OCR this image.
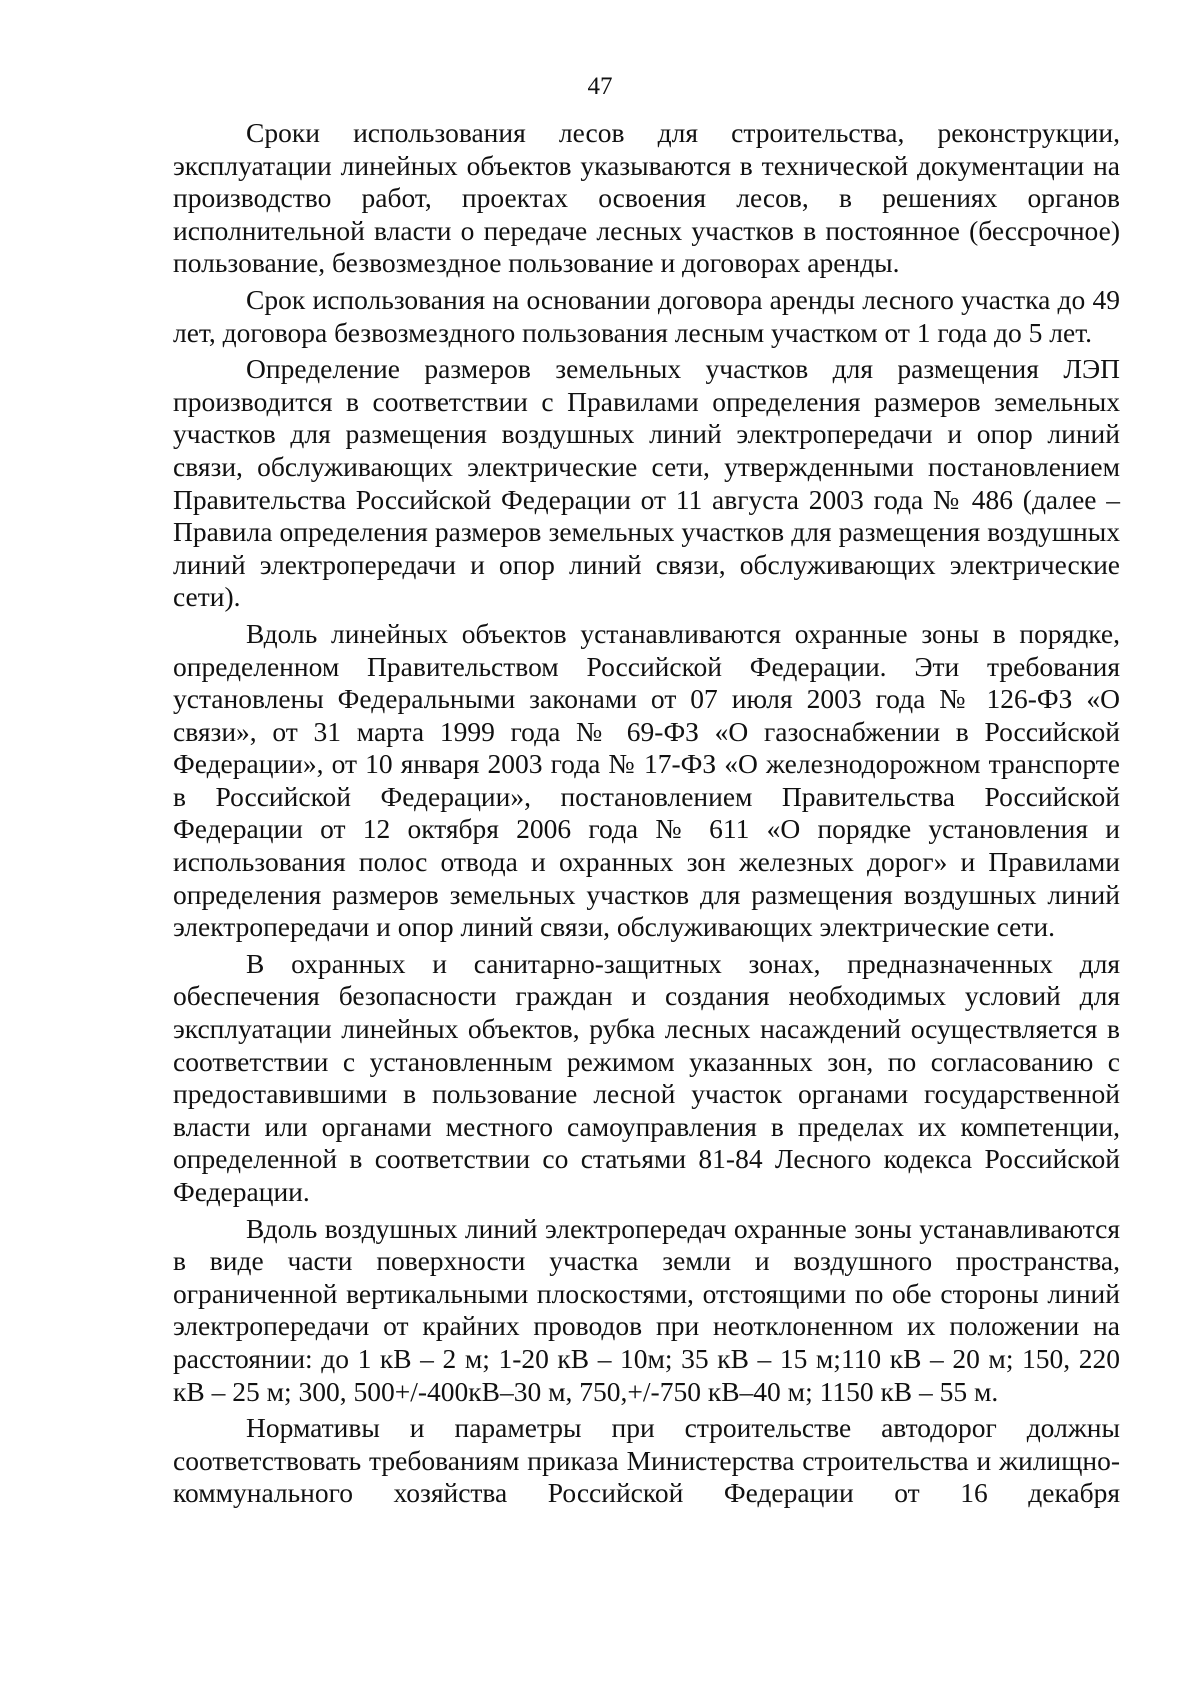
47

Сроки использования лесов для строительства, реконструкции, эксплуатации линейных объектов указываются в технической документации на производство работ, проектах освоения лесов, в решениях органов исполнительной власти о передаче лесных участков в постоянное (бессрочное) пользование, безвозмездное пользование и договорах аренды.

Срок использования на основании договора аренды лесного участка до 49 лет, договора безвозмездного пользования лесным участком от 1 года до 5 лет.

Определение размеров земельных участков для размещения ЛЭП производится в соответствии с Правилами определения размеров земельных участков для размещения воздушных линий электропередачи и опор линий связи, обслуживающих электрические сети, утвержденными постановлением Правительства Российской Федерации от 11 августа 2003 года № 486 (далее – Правила определения размеров земельных участков для размещения воздушных линий электропередачи и опор линий связи, обслуживающих электрические сети).

Вдоль линейных объектов устанавливаются охранные зоны в порядке, определенном Правительством Российской Федерации. Эти требования установлены Федеральными законами от 07 июля 2003 года № 126-ФЗ «О связи», от 31 марта 1999 года № 69-ФЗ «О газоснабжении в Российской Федерации», от 10 января 2003 года № 17-ФЗ «О железнодорожном транспорте в Российской Федерации», постановлением Правительства Российской Федерации от 12 октября 2006 года № 611 «О порядке установления и использования полос отвода и охранных зон железных дорог» и Правилами определения размеров земельных участков для размещения воздушных линий электропередачи и опор линий связи, обслуживающих электрические сети.

В охранных и санитарно-защитных зонах, предназначенных для обеспечения безопасности граждан и создания необходимых условий для эксплуатации линейных объектов, рубка лесных насаждений осуществляется в соответствии с установленным режимом указанных зон, по согласованию с предоставившими в пользование лесной участок органами государственной власти или органами местного самоуправления в пределах их компетенции, определенной в соответствии со статьями 81-84 Лесного кодекса Российской Федерации.

Вдоль воздушных линий электропередач охранные зоны устанавливаются в виде части поверхности участка земли и воздушного пространства, ограниченной вертикальными плоскостями, отстоящими по обе стороны линий электропередачи от крайних проводов при неотклоненном их положении на расстоянии: до 1 кВ – 2 м; 1-20 кВ – 10м; 35 кВ – 15 м;110 кВ – 20 м; 150, 220 кВ – 25 м; 300, 500+/-400кВ–30 м, 750,+/-750 кВ–40 м; 1150 кВ – 55 м.

Нормативы и параметры при строительстве автодорог должны соответствовать требованиям приказа Министерства строительства и жилищно-коммунального хозяйства Российской Федерации от 16 декабря
